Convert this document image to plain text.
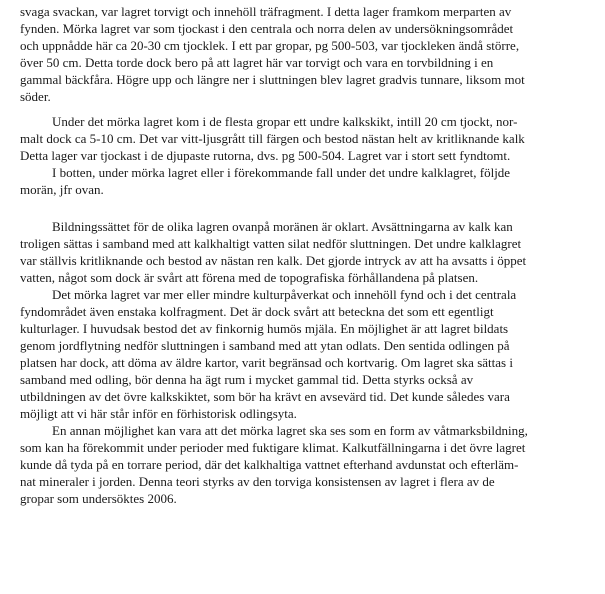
svaga svackan, var lagret torvigt och innehöll träfragment. I detta lager framkom merparten av
fynden. Mörka lagret var som tjockast i den centrala och norra delen av undersökningsområdet
och uppnådde här ca 20-30 cm tjocklek. I ett par gropar, pg 500-503, var tjockleken ändå större,
över 50 cm. Detta torde dock bero på att lagret här var torvigt och vara en torvbildning i en
gammal bäckfåra. Högre upp och längre ner i sluttningen blev lagret gradvis tunnare, liksom mot
söder.
Under det mörka lagret kom i de flesta gropar ett undre kalkskikt, intill 20 cm tjockt, nor-
malt dock ca 5-10 cm. Det var vitt-ljusgrått till färgen och bestod nästan helt av kritliknande kalk
Detta lager var tjockast i de djupaste rutorna, dvs. pg 500-504. Lagret var i stort sett fyndtomt.
I botten, under mörka lagret eller i förekommande fall under det undre kalklagret, följde
morän, jfr ovan.
Bildningssättet för de olika lagren ovanpå moränen är oklart. Avsättningarna av kalk kan
troligen sättas i samband med att kalkhaltigt vatten silat nedför sluttningen. Det undre kalklagret
var ställvis kritliknande och bestod av nästan ren kalk. Det gjorde intryck av att ha avsatts i öppet
vatten, något som dock är svårt att förena med de topografiska förhållandena på platsen.
Det mörka lagret var mer eller mindre kulturpåverkat och innehöll fynd och i det centrala
fyndområdet även enstaka kolfragment. Det är dock svårt att beteckna det som ett egentligt
kulturlager. I huvudsak bestod det av finkornig humös mjäla. En möjlighet är att lagret bildats
genom jordflytning nedför sluttningen i samband med att ytan odlats. Den sentida odlingen på
platsen har dock, att döma av äldre kartor, varit begränsad och kortvarig. Om lagret ska sättas i
samband med odling, bör denna ha ägt rum i mycket gammal tid. Detta styrks också av
utbildningen av det övre kalkskiktet, som bör ha krävt en avsevärd tid. Det kunde således vara
möjligt att vi här står inför en förhistorisk odlingsyta.
En annan möjlighet kan vara att det mörka lagret ska ses som en form av våtmarksbildning,
som kan ha förekommit under perioder med fuktigare klimat. Kalkutfällningarna i det övre lagret
kunde då tyda på en torrare period, där det kalkhaltiga vattnet efterhand avdunstat och efterläm-
nat mineraler i jorden. Denna teori styrks av den torviga konsistensen av lagret i flera av de
gropar som undersöktes 2006.
